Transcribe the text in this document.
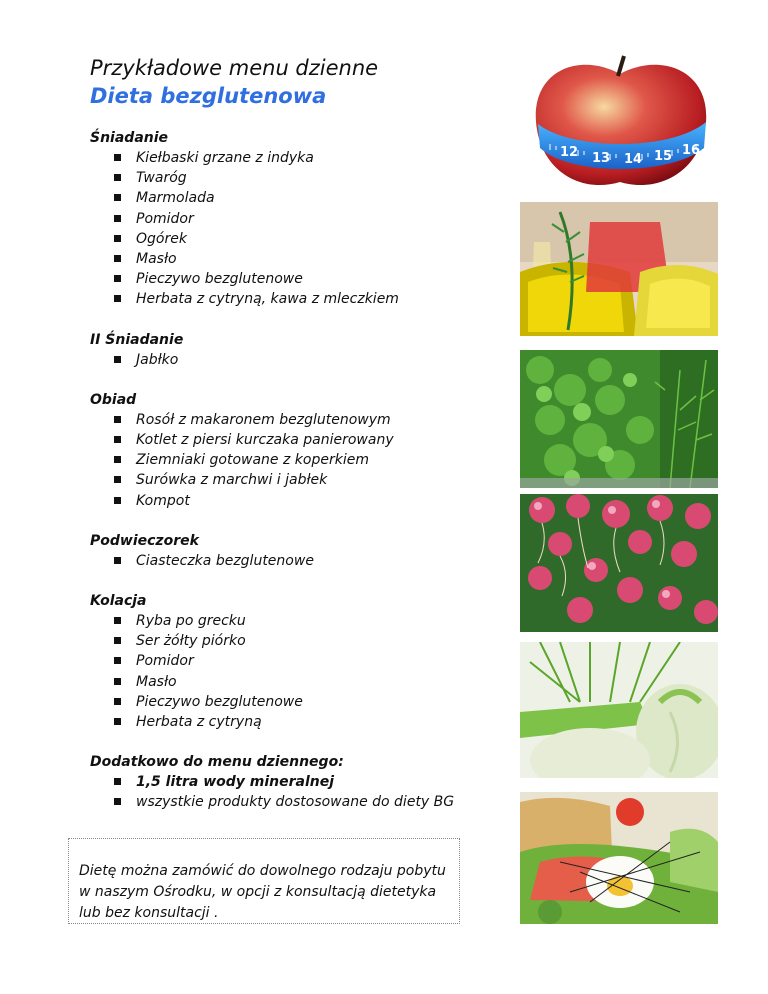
Przykładowe menu dzienne
Dieta bezglutenowa
Śniadanie
Kiełbaski grzane z indyka
Twaróg
Marmolada
Pomidor
Ogórek
Masło
Pieczywo bezglutenowe
Herbata z cytryną, kawa z mleczkiem
II Śniadanie
Jabłko
Obiad
Rosół z makaronem bezglutenowym
Kotlet z piersi kurczaka panierowany
Ziemniaki gotowane z koperkiem
Surówka z marchwi i jabłek
Kompot
Podwieczorek
Ciasteczka bezglutenowe
Kolacja
Ryba po grecku
Ser żółty piórko
Pomidor
Masło
Pieczywo bezglutenowe
Herbata z cytryną
Dodatkowo do menu dziennego:
1,5 litra wody mineralnej
wszystkie produkty dostosowane do diety BG

Dietę można zamówić do dowolnego rodzaju pobytu

w naszym Ośrodku, w opcji z konsultacją dietetyka

lub bez konsultacji .

12 13 14 15 16
